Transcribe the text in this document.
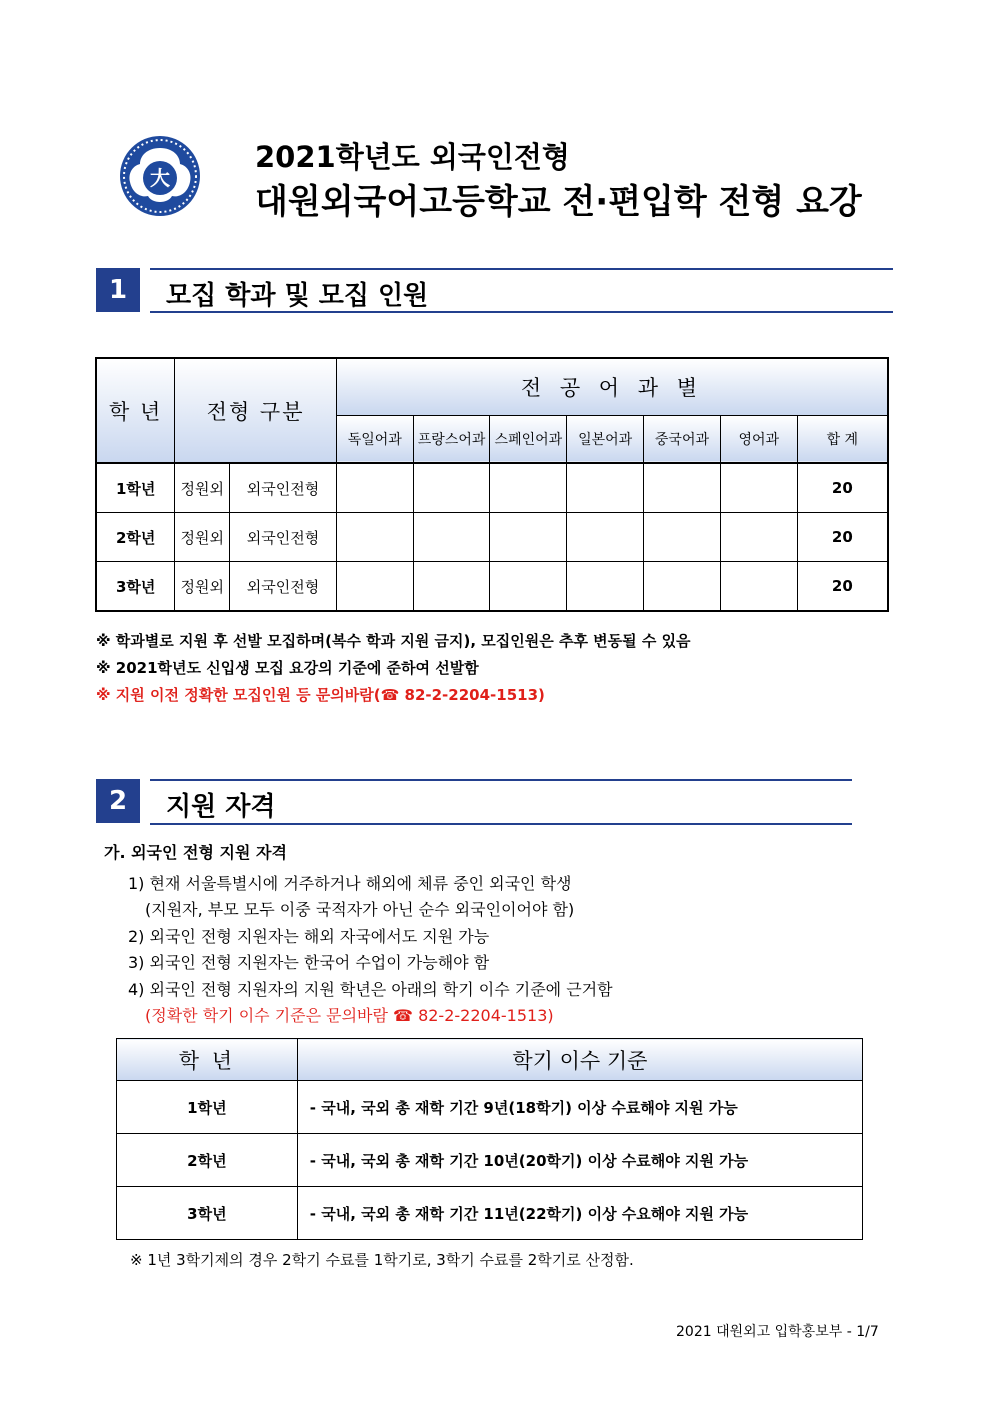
大
2021학년도 외국인전형
대원외국어고등학교 전·편입학 전형 요강
1	모집 학과 및 모집 인원
학 년	전형 구분		전 공 어 과 별						
			독일어과	프랑스어과	스페인어과	일본어과	중국어과	영어과	합 계
1학년	정원외	외국인전형							20
2학년	정원외	외국인전형							20
3학년	정원외	외국인전형							20
※ 학과별로 지원 후 선발 모집하며(복수 학과 지원 금지), 모집인원은 추후 변동될 수 있음
※ 2021학년도 신입생 모집 요강의 기준에 준하여 선발함
※ 지원 이전 정확한 모집인원 등 문의바람(☎ 82-2-2204-1513)
2	지원 자격
가. 외국인 전형 지원 자격
1) 현재 서울특별시에 거주하거나 해외에 체류 중인 외국인 학생
(지원자, 부모 모두 이중 국적자가 아닌 순수 외국인이어야 함)
2) 외국인 전형 지원자는 해외 자국에서도 지원 가능
3) 외국인 전형 지원자는 한국어 수업이 가능해야 함
4) 외국인 전형 지원자의 지원 학년은 아래의 학기 이수 기준에 근거함
(정확한 학기 이수 기준은 문의바람 ☎ 82-2-2204-1513)
학 년	학기 이수 기준
1학년	- 국내, 국외 총 재학 기간 9년(18학기) 이상 수료해야 지원 가능
2학년	- 국내, 국외 총 재학 기간 10년(20학기) 이상 수료해야 지원 가능
3학년	- 국내, 국외 총 재학 기간 11년(22학기) 이상 수요해야 지원 가능
※ 1년 3학기제의 경우 2학기 수료를 1학기로, 3학기 수료를 2학기로 산정함.
2021 대원외고 입학홍보부 - 1/7
